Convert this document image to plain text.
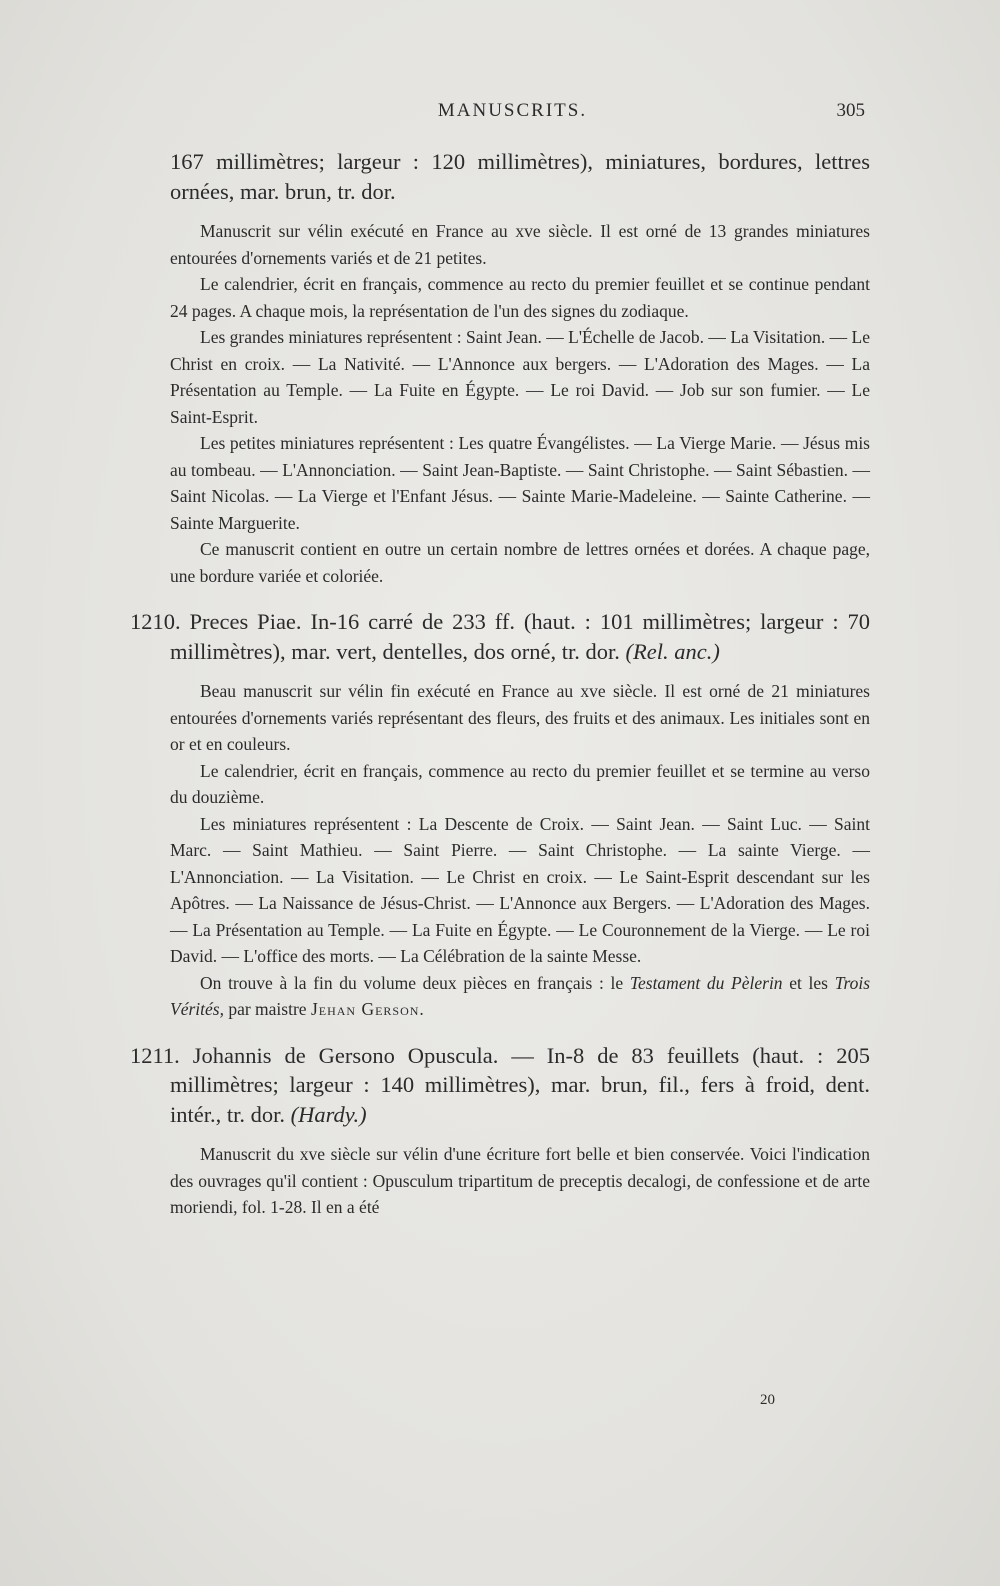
MANUSCRITS.	305

167 millimètres; largeur : 120 millimètres), miniatures, bordures, lettres ornées, mar. brun, tr. dor.

Manuscrit sur vélin exécuté en France au xve siècle. Il est orné de 13 grandes miniatures entourées d'ornements variés et de 21 petites.

Le calendrier, écrit en français, commence au recto du premier feuillet et se continue pendant 24 pages. A chaque mois, la représentation de l'un des signes du zodiaque.

Les grandes miniatures représentent : Saint Jean. — L'Échelle de Jacob. — La Visitation. — Le Christ en croix. — La Nativité. — L'Annonce aux bergers. — L'Adoration des Mages. — La Présentation au Temple. — La Fuite en Égypte. — Le roi David. — Job sur son fumier. — Le Saint-Esprit.

Les petites miniatures représentent : Les quatre Évangélistes. — La Vierge Marie. — Jésus mis au tombeau. — L'Annonciation. — Saint Jean-Baptiste. — Saint Christophe. — Saint Sébastien. — Saint Nicolas. — La Vierge et l'Enfant Jésus. — Sainte Marie-Madeleine. — Sainte Catherine. — Sainte Marguerite.

Ce manuscrit contient en outre un certain nombre de lettres ornées et dorées. A chaque page, une bordure variée et coloriée.

1210. Preces Piae. In-16 carré de 233 ff. (haut. : 101 millimètres; largeur : 70 millimètres), mar. vert, dentelles, dos orné, tr. dor. (Rel. anc.)

Beau manuscrit sur vélin fin exécuté en France au xve siècle. Il est orné de 21 miniatures entourées d'ornements variés représentant des fleurs, des fruits et des animaux. Les initiales sont en or et en couleurs.

Le calendrier, écrit en français, commence au recto du premier feuillet et se termine au verso du douzième.

Les miniatures représentent : La Descente de Croix. — Saint Jean. — Saint Luc. — Saint Marc. — Saint Mathieu. — Saint Pierre. — Saint Christophe. — La sainte Vierge. — L'Annonciation. — La Visitation. — Le Christ en croix. — Le Saint-Esprit descendant sur les Apôtres. — La Naissance de Jésus-Christ. — L'Annonce aux Bergers. — L'Adoration des Mages. — La Présentation au Temple. — La Fuite en Égypte. — Le Couronnement de la Vierge. — Le roi David. — L'office des morts. — La Célébration de la sainte Messe.

On trouve à la fin du volume deux pièces en français : le Testament du Pèlerin et les Trois Vérités, par maistre Jehan Gerson.

1211. Johannis de Gersono Opuscula. — In-8 de 83 feuillets (haut. : 205 millimètres; largeur : 140 millimètres), mar. brun, fil., fers à froid, dent. intér., tr. dor. (Hardy.)

Manuscrit du xve siècle sur vélin d'une écriture fort belle et bien conservée. Voici l'indication des ouvrages qu'il contient : Opusculum tripartitum de preceptis decalogi, de confessione et de arte moriendi, fol. 1-28. Il en a été

20
